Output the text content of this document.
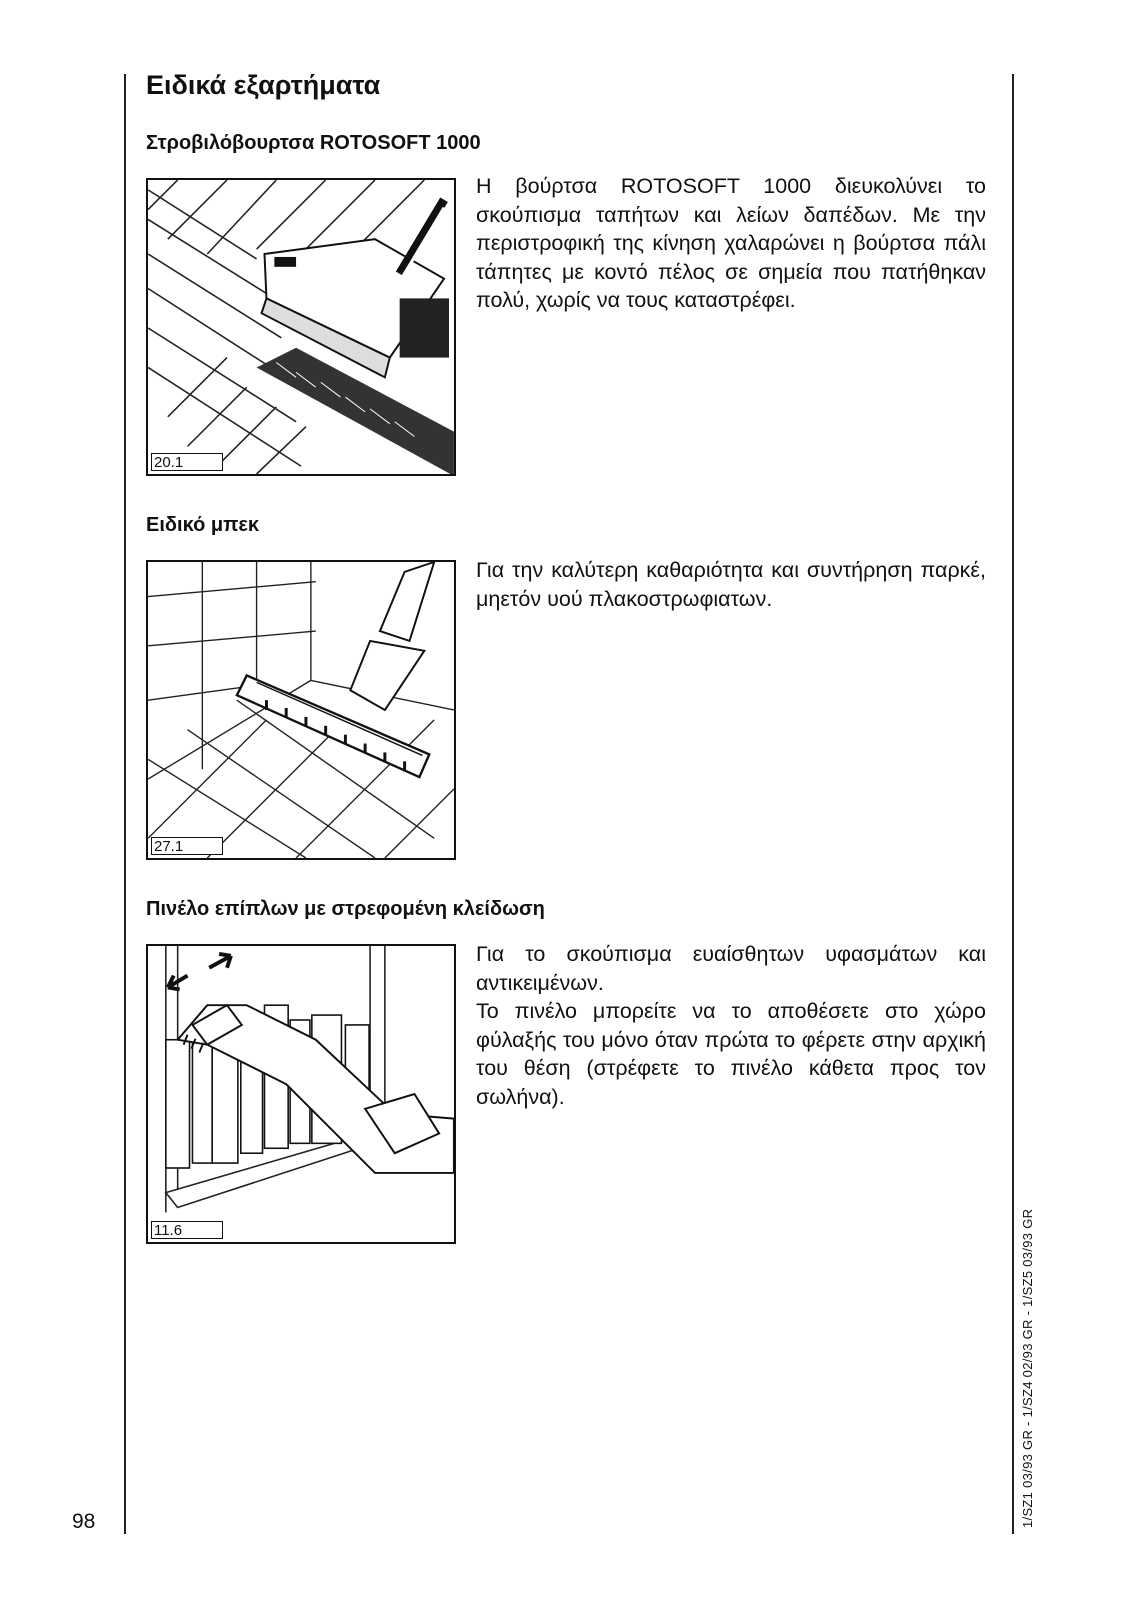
Ειδικά εξαρτήματα
Στροβιλόβουρτσα ROTOSOFT 1000
20.1

Η βούρτσα ROTOSOFT 1000 διευκολύνει το σκούπισμα ταπήτων και λείων δαπέδων. Με την περιστροφική της κίνηση χαλαρώνει η βούρτσα πάλι τάπητες με κοντό πέλος σε σημεία που πατήθηκαν πολύ, χωρίς να τους καταστρέφει.

Ειδικό μπεκ
27.1

Για την καλύτερη καθαριότητα και συντήρηση παρκέ, μηετόν υού πλακοστρωφιατων.

Πινέλο επίπλων με στρεφομένη κλείδωση
11.6

Για το σκούπισμα ευαίσθητων υφασμάτων και αντικειμένων.

Το πινέλο μπορείτε να το αποθέσετε στο χώρο φύλαξής του μόνο όταν πρώτα το φέρετε στην αρχική του θέση (στρέφετε το πινέλο κάθετα προς τον σωλήνα).

98	1/SZ1 03/93 GR - 1/SZ4 02/93 GR - 1/SZ5 03/93 GR
